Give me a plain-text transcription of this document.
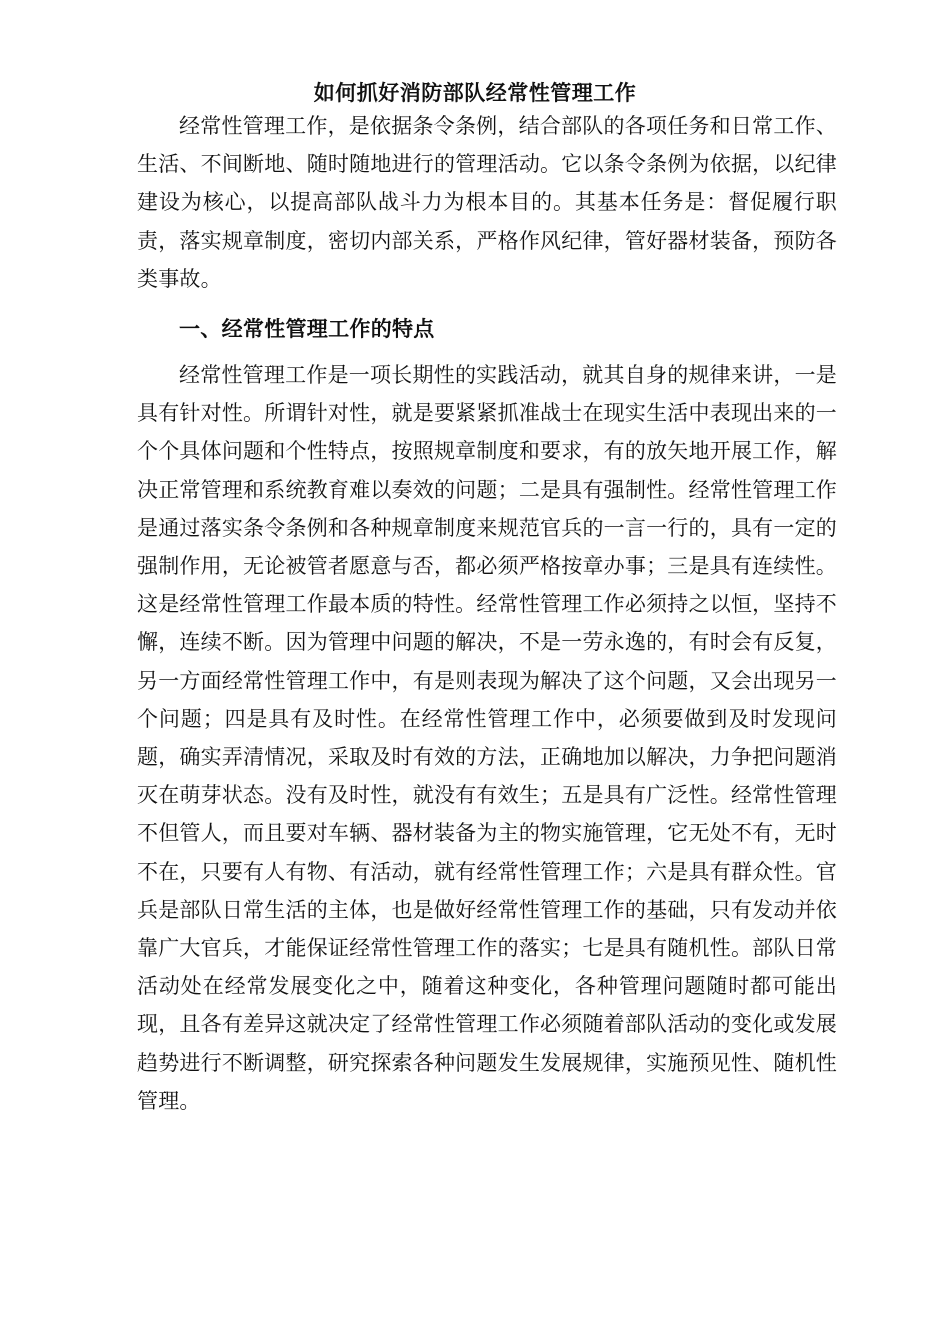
如何抓好消防部队经常性管理工作

经常性管理工作，是依据条令条例，结合部队的各项任务和日常工作、生活、不间断地、随时随地进行的管理活动。它以条令条例为依据，以纪律建设为核心，以提高部队战斗力为根本目的。其基本任务是：督促履行职责，落实规章制度，密切内部关系，严格作风纪律，管好器材装备，预防各类事故。

一、经常性管理工作的特点

经常性管理工作是一项长期性的实践活动，就其自身的规律来讲，一是具有针对性。所谓针对性，就是要紧紧抓准战士在现实生活中表现出来的一个个具体问题和个性特点，按照规章制度和要求，有的放矢地开展工作，解决正常管理和系统教育难以奏效的问题；二是具有强制性。经常性管理工作是通过落实条令条例和各种规章制度来规范官兵的一言一行的，具有一定的强制作用，无论被管者愿意与否，都必须严格按章办事；三是具有连续性。这是经常性管理工作最本质的特性。经常性管理工作必须持之以恒，坚持不懈，连续不断。因为管理中问题的解决，不是一劳永逸的，有时会有反复，另一方面经常性管理工作中，有是则表现为解决了这个问题，又会出现另一个问题；四是具有及时性。在经常性管理工作中，必须要做到及时发现问题，确实弄清情况，采取及时有效的方法，正确地加以解决，力争把问题消灭在萌芽状态。没有及时性，就没有有效生；五是具有广泛性。经常性管理不但管人，而且要对车辆、器材装备为主的物实施管理，它无处不有，无时不在，只要有人有物、有活动，就有经常性管理工作；六是具有群众性。官兵是部队日常生活的主体，也是做好经常性管理工作的基础，只有发动并依靠广大官兵，才能保证经常性管理工作的落实；七是具有随机性。部队日常活动处在经常发展变化之中，随着这种变化，各种管理问题随时都可能出现，且各有差异这就决定了经常性管理工作必须随着部队活动的变化或发展趋势进行不断调整，研究探索各种问题发生发展规律，实施预见性、随机性管理。
